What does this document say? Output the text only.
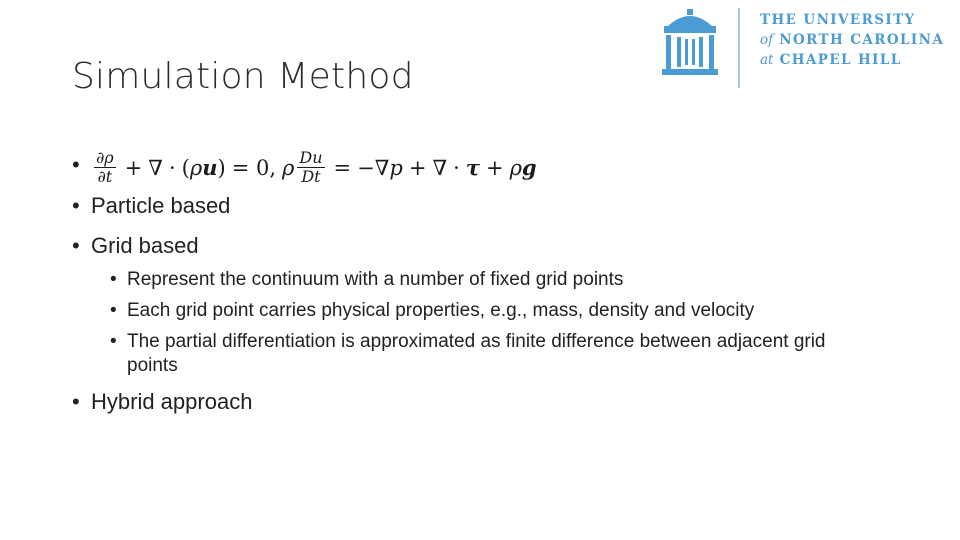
Simulation Method
THE UNIVERSITY
of NORTH CAROLINA
at CHAPEL HILL
• $\frac{\partial\rho}{\partial t}$ + ∇ · ( ρ u ) = 0, ρ $\frac{Du}{Dt}$ = −∇ p + ∇ · τ + ρ g
• Particle based
• Grid based
• Represent the continuum with a number of fixed grid points
• Each grid point carries physical properties, e.g., mass, density and velocity
• The partial differentiation is approximated as finite difference between adjacent grid points
• Hybrid approach
